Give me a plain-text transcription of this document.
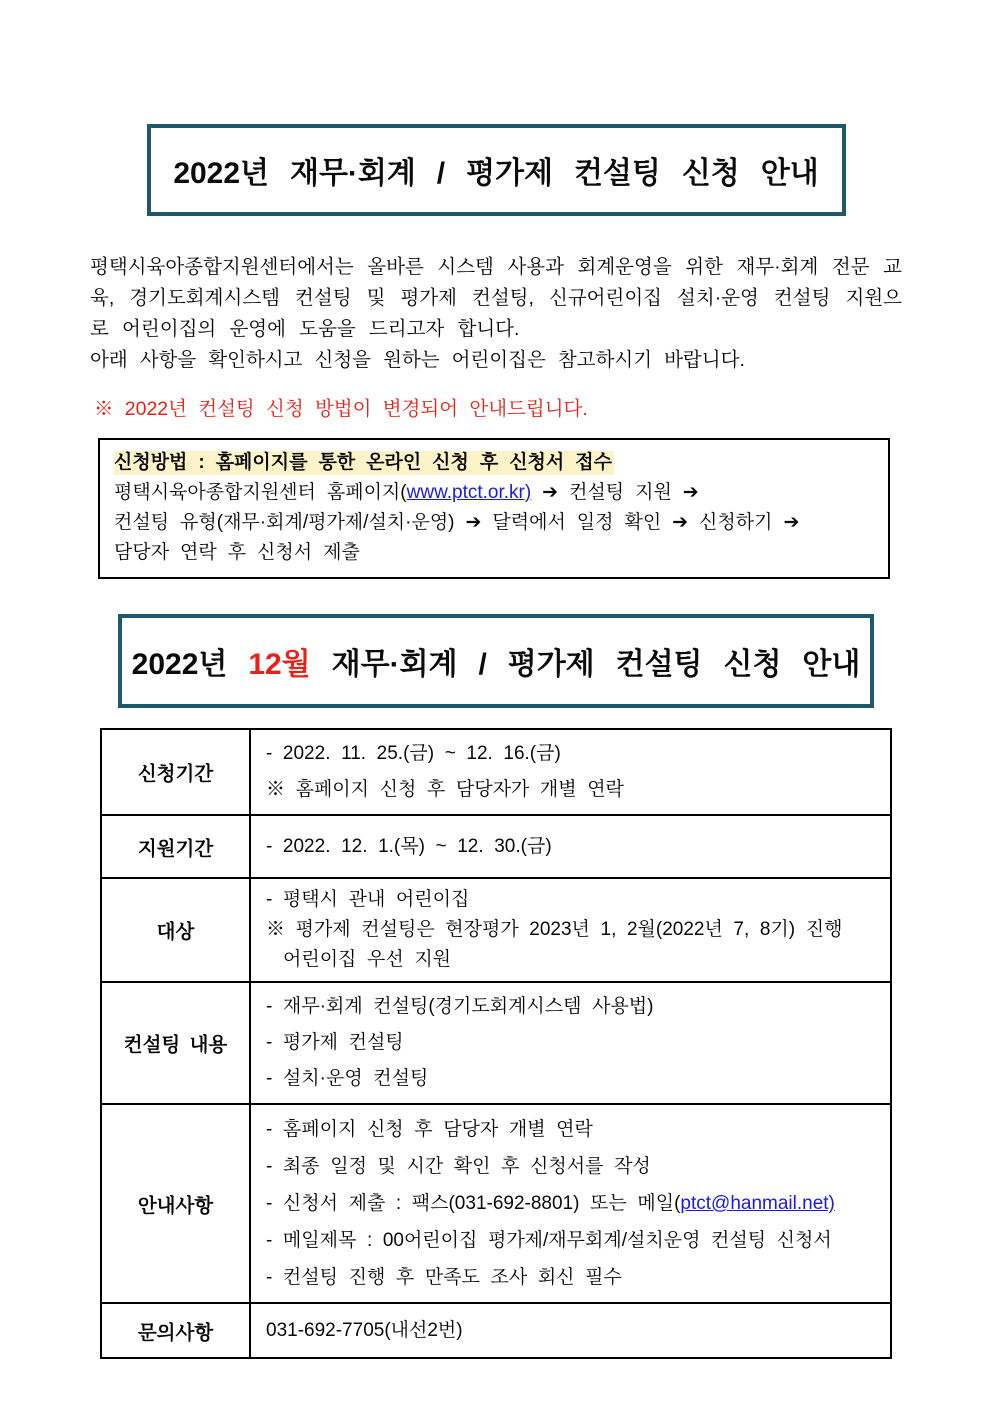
2022년 재무·회계 / 평가제 컨설팅 신청 안내
평택시육아종합지원센터에서는 올바른 시스템 사용과 회계운영을 위한 재무·회계 전문 교육, 경기도회계시스템 컨설팅 및 평가제 컨설팅, 신규어린이집 설치·운영 컨설팅 지원으로 어린이집의 운영에 도움을 드리고자 합니다.
아래 사항을 확인하시고 신청을 원하는 어린이집은 참고하시기 바랍니다.
※ 2022년 컨설팅 신청 방법이 변경되어 안내드립니다.
신청방법 : 홈페이지를 통한 온라인 신청 후 신청서 접수
평택시육아종합지원센터 홈페이지(www.ptct.or.kr) ➔ 컨설팅 지원 ➔
컨설팅 유형(재무·회계/평가제/설치·운영) ➔ 달력에서 일정 확인 ➔ 신청하기 ➔
담당자 연락 후 신청서 제출
2022년 12월 재무·회계 / 평가제 컨설팅 신청 안내
신청기간	- 2022. 11. 25.(금) ~ 12. 16.(금)
※ 홈페이지 신청 후 담당자가 개별 연락

지원기간	- 2022. 12. 1.(목) ~ 12. 30.(금)

대상	- 평택시 관내 어린이집
※ 평가제 컨설팅은 현장평가 2023년 1, 2월(2022년 7, 8기) 진행
어린이집 우선 지원

컨설팅 내용	- 재무·회계 컨설팅(경기도회계시스템 사용법)
- 평가제 컨설팅
- 설치·운영 컨설팅

안내사항	- 홈페이지 신청 후 담당자 개별 연락
- 최종 일정 및 시간 확인 후 신청서를 작성
- 신청서 제출 : 팩스(031-692-8801) 또는 메일(ptct@hanmail.net)
- 메일제목 : 00어린이집 평가제/재무회계/설치운영 컨설팅 신청서
- 컨설팅 진행 후 만족도 조사 회신 필수

문의사항	031-692-7705(내선2번)
